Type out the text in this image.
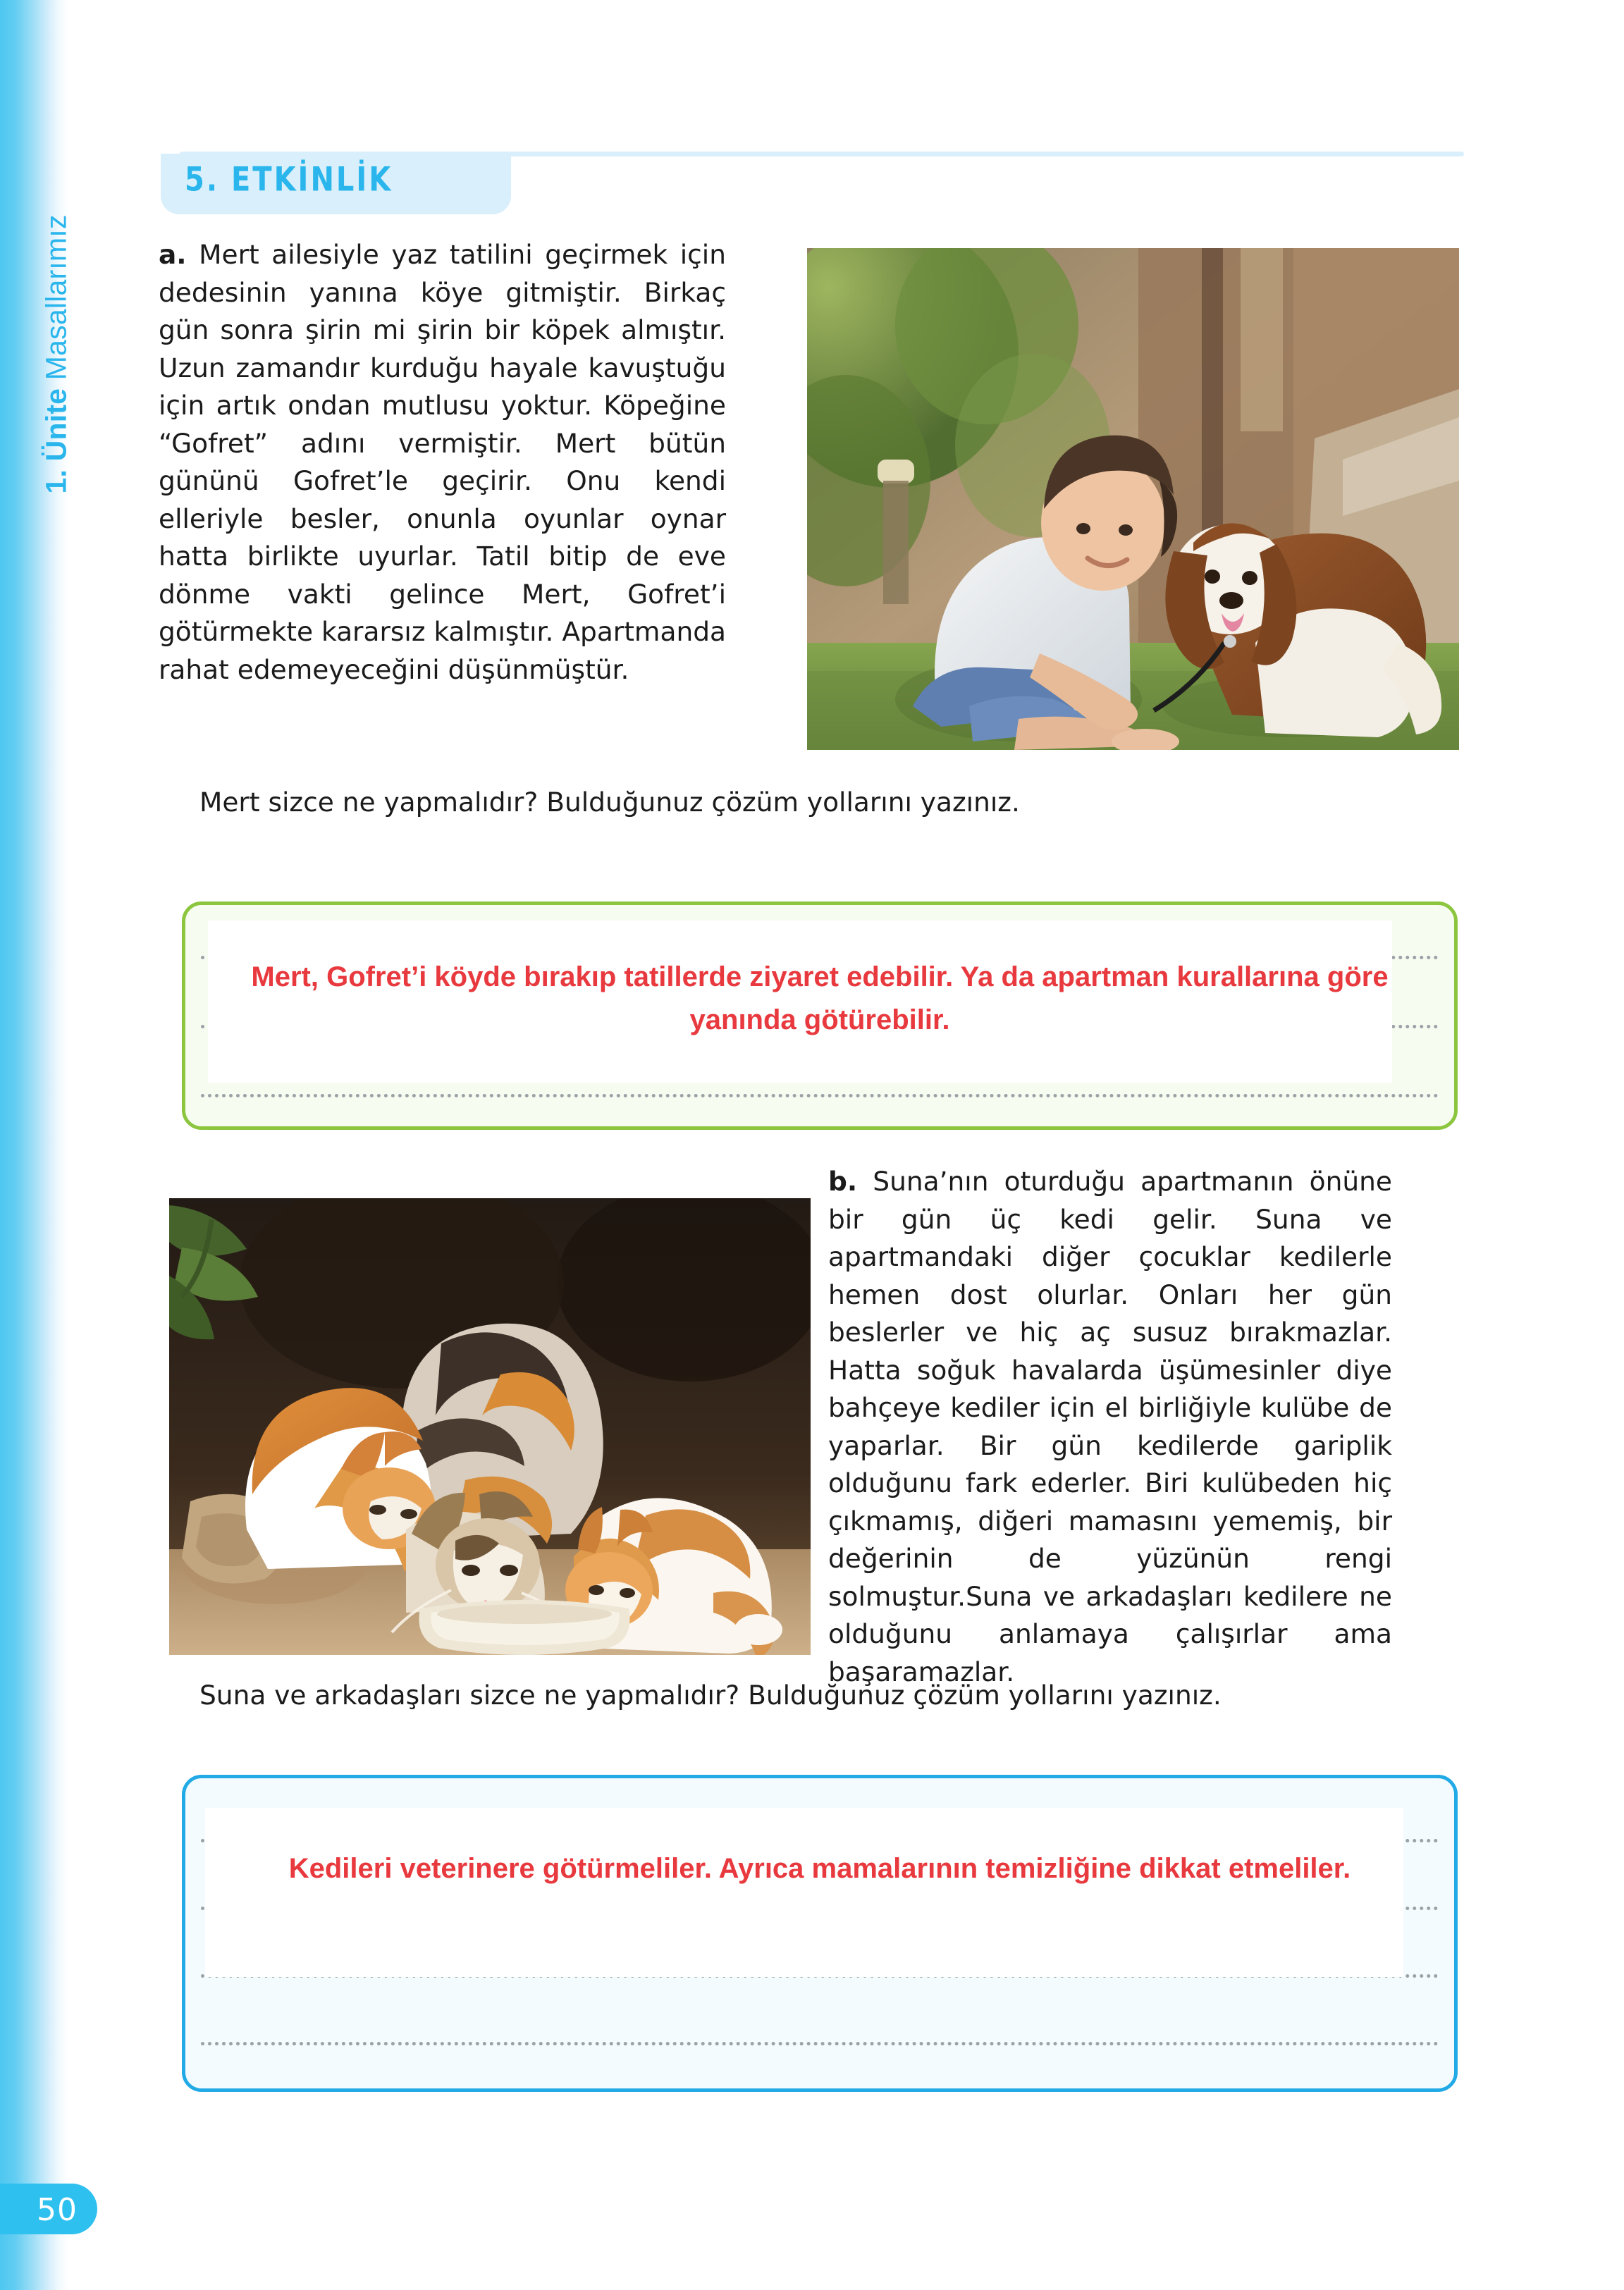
1. Ünite Masallarımız
5. ETKİNLİK
a. Mert ailesiyle yaz tatilini geçirmek için dedesinin yanına köye gitmiştir. Birkaç gün sonra şirin mi şirin bir köpek almıştır. Uzun zamandır kurduğu hayale kavuştuğu için artık ondan mutlusu yoktur. Köpeğine “Gofret” adını vermiştir. Mert bütün gününü Gofret’le geçirir. Onu kendi elleriyle besler, onunla oyunlar oynar hatta birlikte uyurlar. Tatil bitip de eve dönme vakti gelince Mert, Gofret’i götürmekte kararsız kalmıştır. Apartmanda rahat edemeyeceğini düşünmüştür.
Mert sizce ne yapmalıdır? Bulduğunuz çözüm yollarını yazınız.
Mert, Gofret’i köyde bırakıp tatillerde ziyaret edebilir. Ya da apartman kurallarına göre yanında götürebilir.
b. Suna’nın oturduğu apartmanın önüne bir gün üç kedi gelir. Suna ve apartmandaki diğer çocuklar kedilerle hemen dost olurlar. Onları her gün beslerler ve hiç aç susuz bırakmazlar. Hatta soğuk havalarda üşümesinler diye bahçeye kediler için el birliğiyle kulübe de yaparlar. Bir gün kedilerde gariplik olduğunu fark ederler. Biri kulübeden hiç çıkmamış, diğeri mamasını yememiş, bir değerinin de yüzünün rengi solmuştur.Suna ve arkadaşları kedilere ne olduğunu anlamaya çalışırlar ama başaramazlar.
Suna ve arkadaşları sizce ne yapmalıdır? Bulduğunuz çözüm yollarını yazınız.
Kedileri veterinere götürmeliler. Ayrıca mamalarının temizliğine dikkat etmeliler.
50
